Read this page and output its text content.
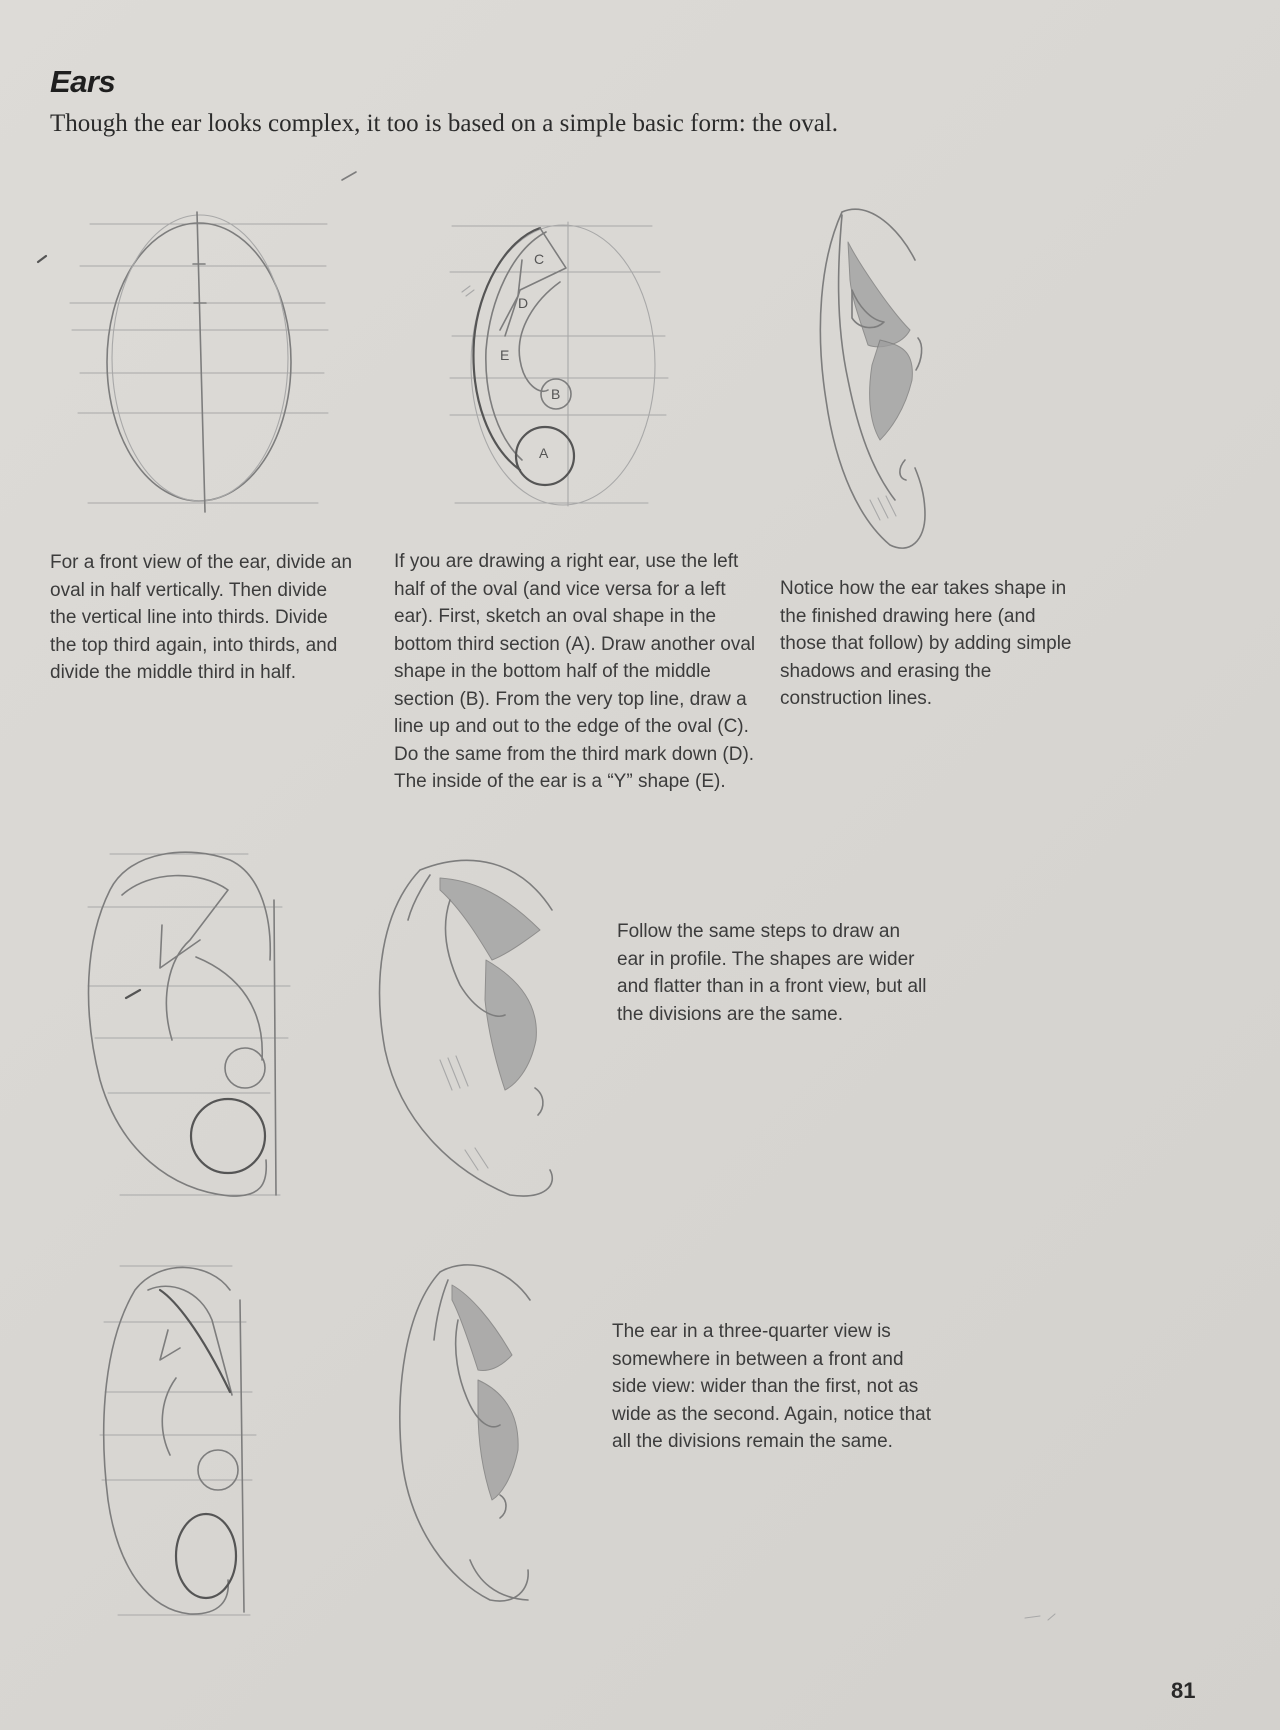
Ears

Though the ear looks complex, it too is based on a simple basic form: the oval.

C
D
E
B
A

For a front view of the ear, divide an oval in half vertically. Then divide the vertical line into thirds. Divide the top third again, into thirds, and divide the middle third in half.

If you are drawing a right ear, use the left half of the oval (and vice versa for a left ear). First, sketch an oval shape in the bottom third section (A). Draw another oval shape in the bottom half of the middle section (B). From the very top line, draw a line up and out to the edge of the oval (C). Do the same from the third mark down (D). The inside of the ear is a “Y” shape (E).

Notice how the ear takes shape in the finished drawing here (and those that follow) by adding simple shadows and erasing the construction lines.

Follow the same steps to draw an ear in profile. The shapes are wider and flatter than in a front view, but all the divisions are the same.

The ear in a three-quarter view is somewhere in between a front and side view: wider than the first, not as wide as the second. Again, notice that all the divisions remain the same.

81
